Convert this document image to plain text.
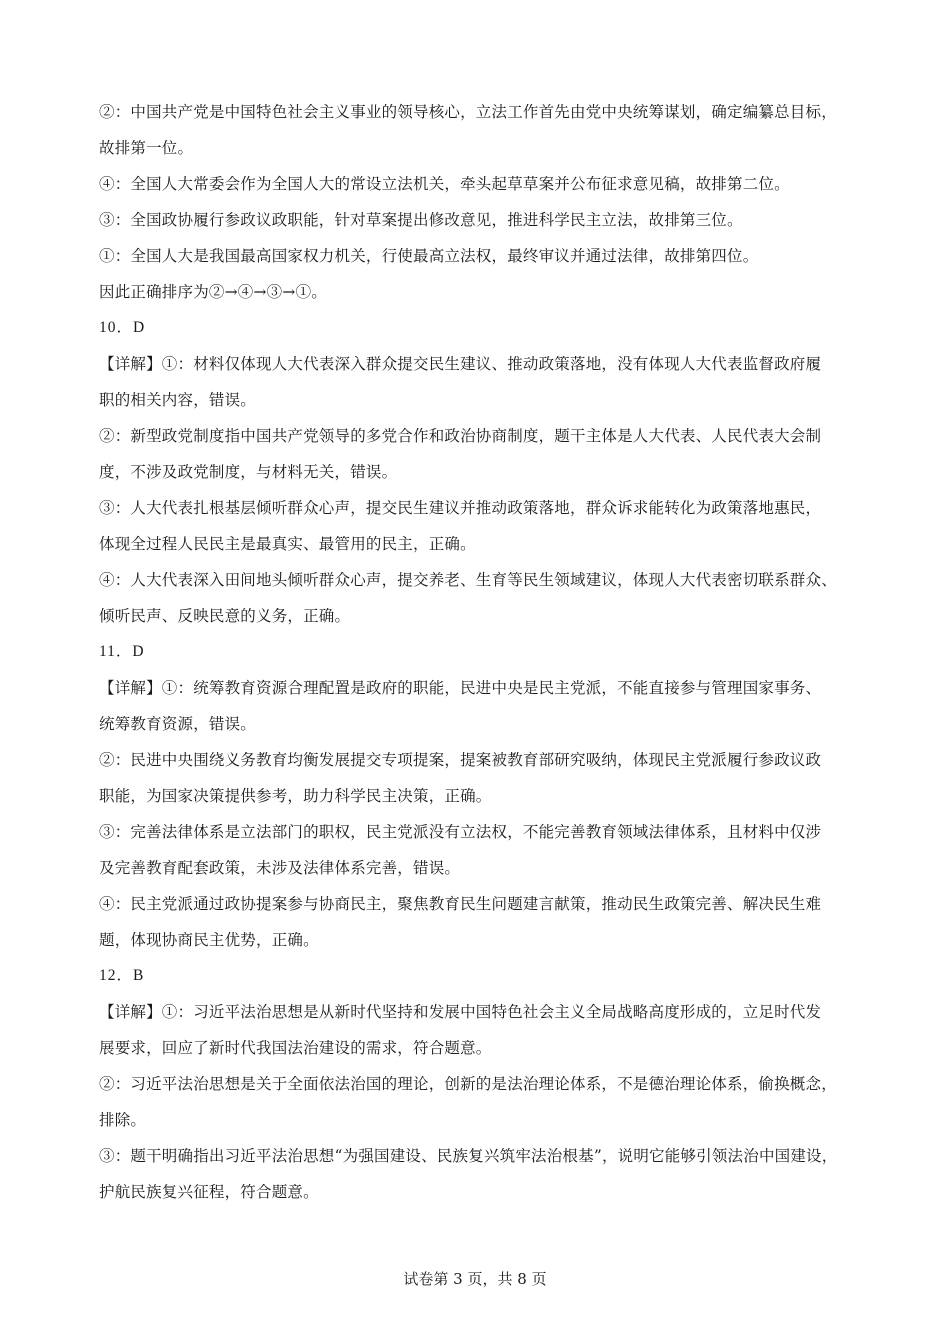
②：中国共产党是中国特色社会主义事业的领导核心，立法工作首先由党中央统筹谋划，确定编纂总目标，
故排第一位。
④：全国人大常委会作为全国人大的常设立法机关，牵头起草草案并公布征求意见稿，故排第二位。
③：全国政协履行参政议政职能，针对草案提出修改意见，推进科学民主立法，故排第三位。
①：全国人大是我国最高国家权力机关，行使最高立法权，最终审议并通过法律，故排第四位。
因此正确排序为②→④→③→①。
10．D
【详解】①：材料仅体现人大代表深入群众提交民生建议、推动政策落地，没有体现人大代表监督政府履
职的相关内容，错误。
②：新型政党制度指中国共产党领导的多党合作和政治协商制度，题干主体是人大代表、人民代表大会制
度，不涉及政党制度，与材料无关，错误。
③：人大代表扎根基层倾听群众心声，提交民生建议并推动政策落地，群众诉求能转化为政策落地惠民，
体现全过程人民民主是最真实、最管用的民主，正确。
④：人大代表深入田间地头倾听群众心声，提交养老、生育等民生领域建议，体现人大代表密切联系群众、
倾听民声、反映民意的义务，正确。
11．D
【详解】①：统筹教育资源合理配置是政府的职能，民进中央是民主党派，不能直接参与管理国家事务、
统筹教育资源，错误。
②：民进中央围绕义务教育均衡发展提交专项提案，提案被教育部研究吸纳，体现民主党派履行参政议政
职能，为国家决策提供参考，助力科学民主决策，正确。
③：完善法律体系是立法部门的职权，民主党派没有立法权，不能完善教育领域法律体系，且材料中仅涉
及完善教育配套政策，未涉及法律体系完善，错误。
④：民主党派通过政协提案参与协商民主，聚焦教育民生问题建言献策，推动民生政策完善、解决民生难
题，体现协商民主优势，正确。
12．B
【详解】①：习近平法治思想是从新时代坚持和发展中国特色社会主义全局战略高度形成的，立足时代发
展要求，回应了新时代我国法治建设的需求，符合题意。
②：习近平法治思想是关于全面依法治国的理论，创新的是法治理论体系，不是德治理论体系，偷换概念，
排除。
③：题干明确指出习近平法治思想“为强国建设、民族复兴筑牢法治根基”，说明它能够引领法治中国建设，
护航民族复兴征程，符合题意。
试卷第 3 页，共 8 页
